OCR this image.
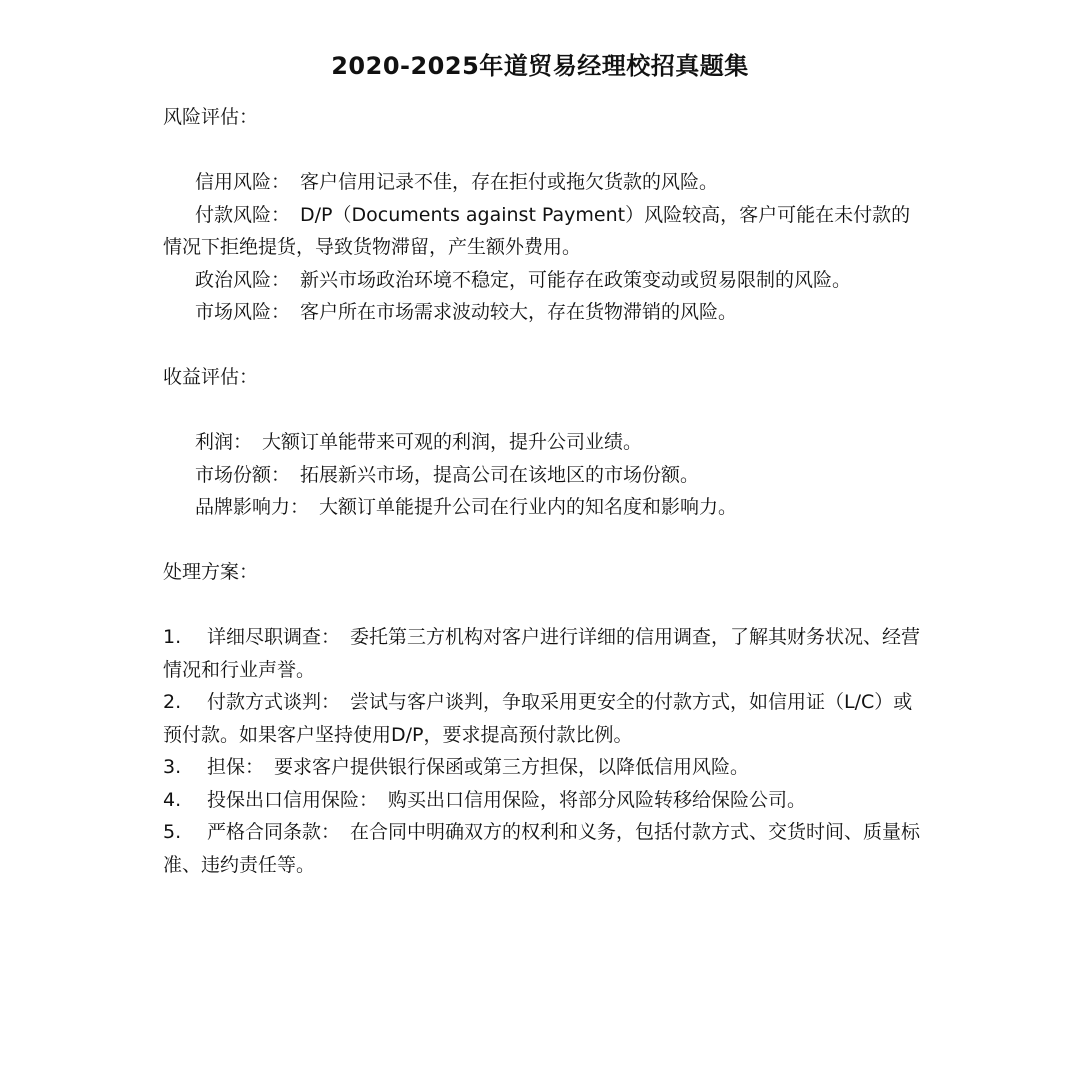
2020-2025年道贸易经理校招真题集

风险评估：

信用风险： 客户信用记录不佳，存在拒付或拖欠货款的风险。

付款风险： D/P（Documents against Payment）风险较高，客户可能在未付款的情况下拒绝提货，导致货物滞留，产生额外费用。

政治风险： 新兴市场政治环境不稳定，可能存在政策变动或贸易限制的风险。

市场风险： 客户所在市场需求波动较大，存在货物滞销的风险。

收益评估：

利润： 大额订单能带来可观的利润，提升公司业绩。

市场份额： 拓展新兴市场，提高公司在该地区的市场份额。

品牌影响力： 大额订单能提升公司在行业内的知名度和影响力。

处理方案：

1. 详细尽职调查： 委托第三方机构对客户进行详细的信用调查，了解其财务状况、经营情况和行业声誉。

2. 付款方式谈判： 尝试与客户谈判，争取采用更安全的付款方式，如信用证（L/C）或预付款。如果客户坚持使用D/P，要求提高预付款比例。

3. 担保： 要求客户提供银行保函或第三方担保，以降低信用风险。

4. 投保出口信用保险： 购买出口信用保险，将部分风险转移给保险公司。

5. 严格合同条款： 在合同中明确双方的权利和义务，包括付款方式、交货时间、质量标准、违约责任等。
